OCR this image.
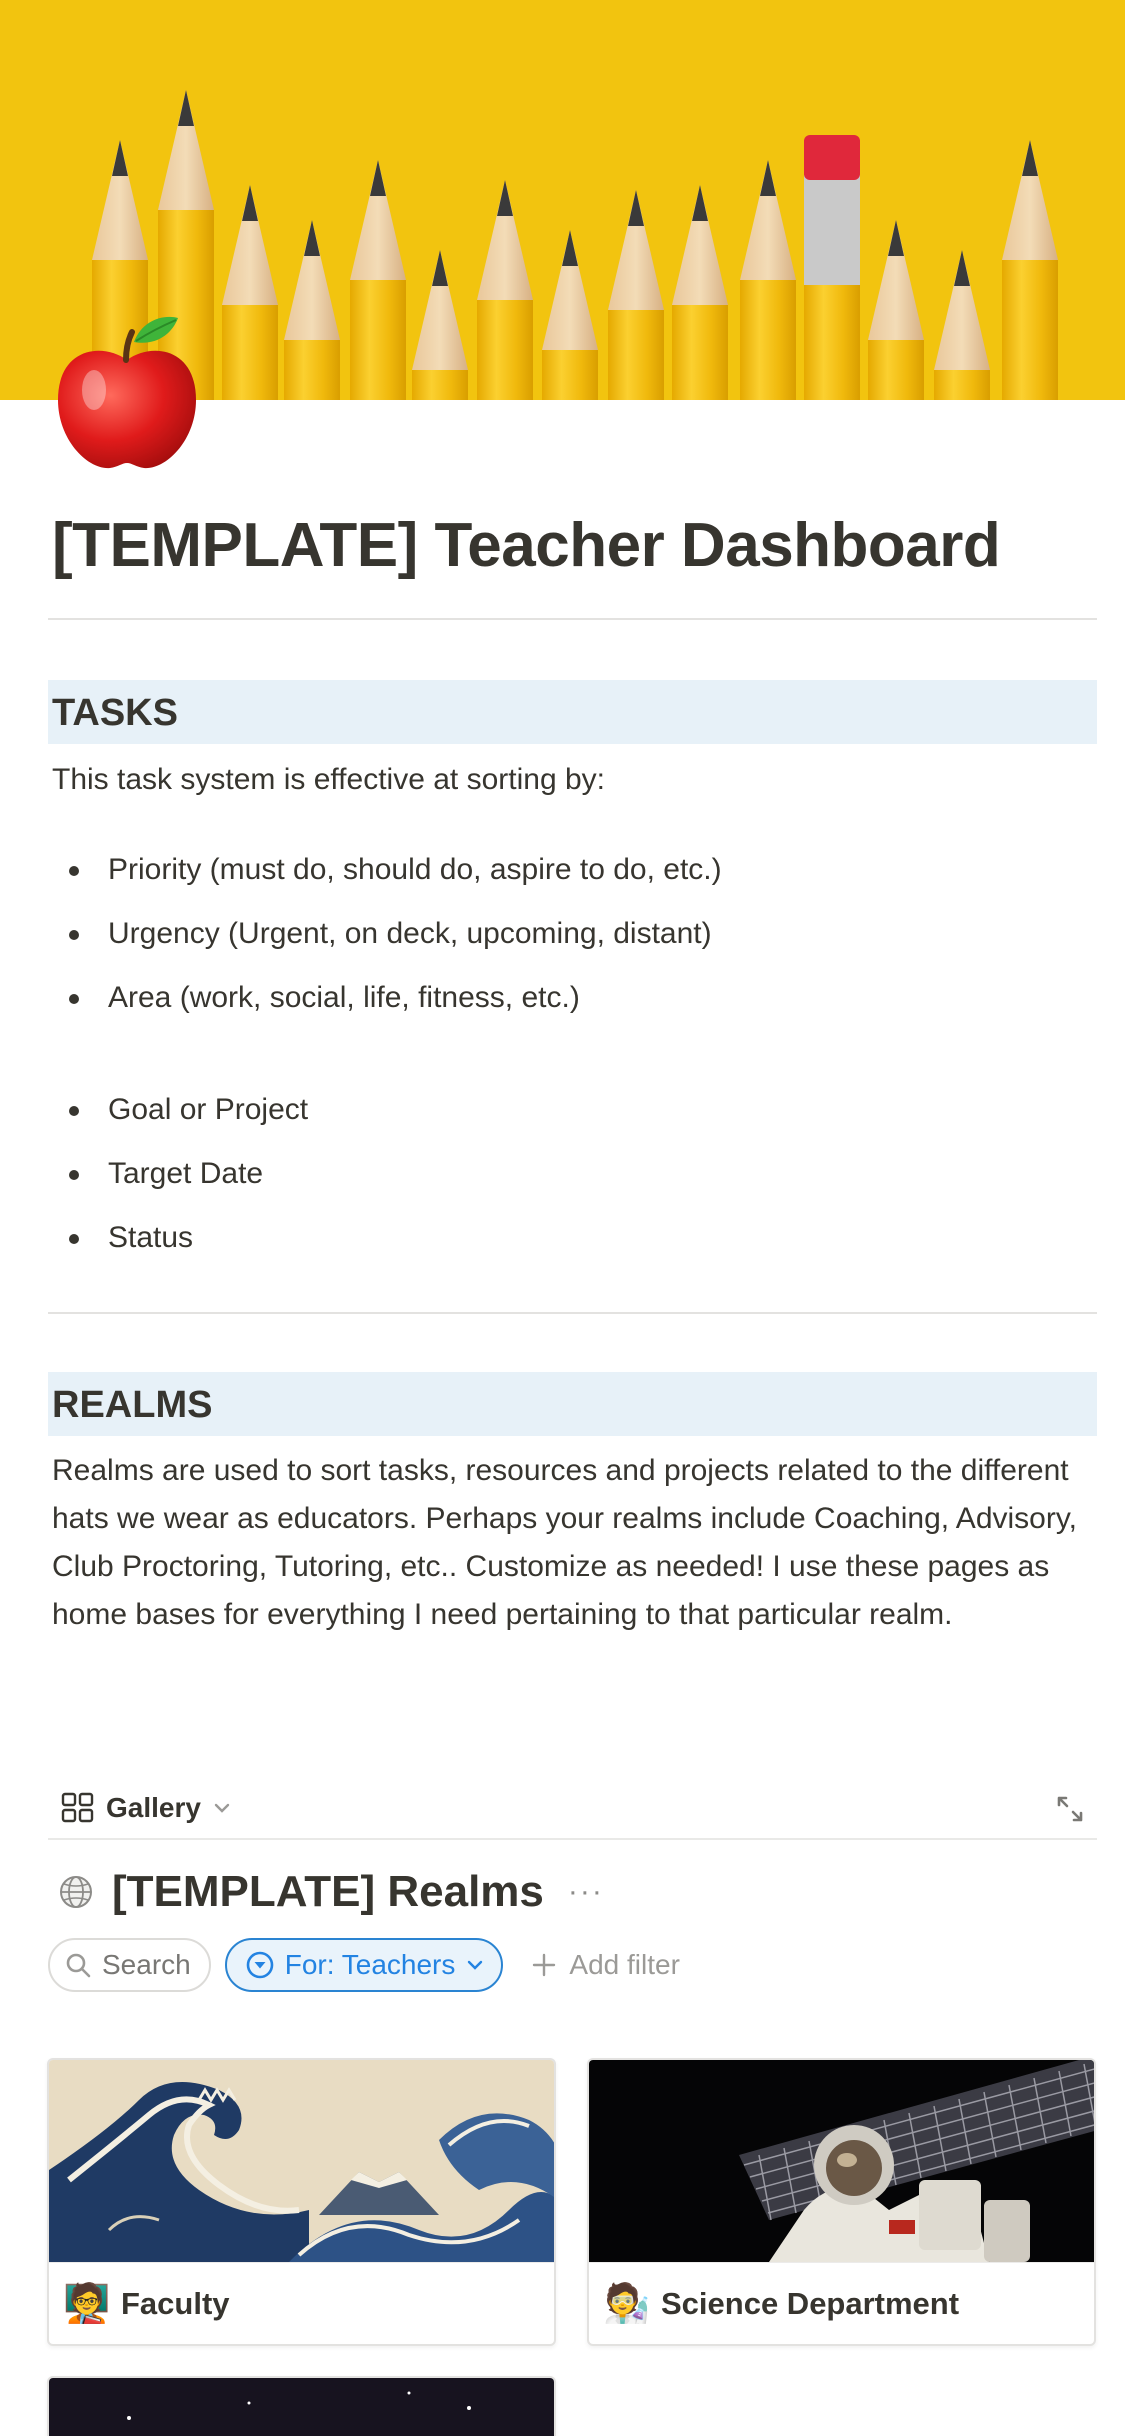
[TEMPLATE] Teacher Dashboard
TASKS
This task system is effective at sorting by:
Priority (must do, should do, aspire to do, etc.)
Urgency (Urgent, on deck, upcoming, distant)
Area (work, social, life, fitness, etc.)
Goal or Project
Target Date
Status
REALMS
Realms are used to sort tasks, resources and projects related to the different hats we wear as educators. Perhaps your realms include Coaching, Advisory, Club Proctoring, Tutoring, etc.. Customize as needed! I use these pages as home bases for everything I need pertaining to that particular realm.
Gallery
[TEMPLATE] Realms ···
Search	For: Teachers	Add filter
🧑‍🏫 Faculty	🧑‍🔬 Science Department
